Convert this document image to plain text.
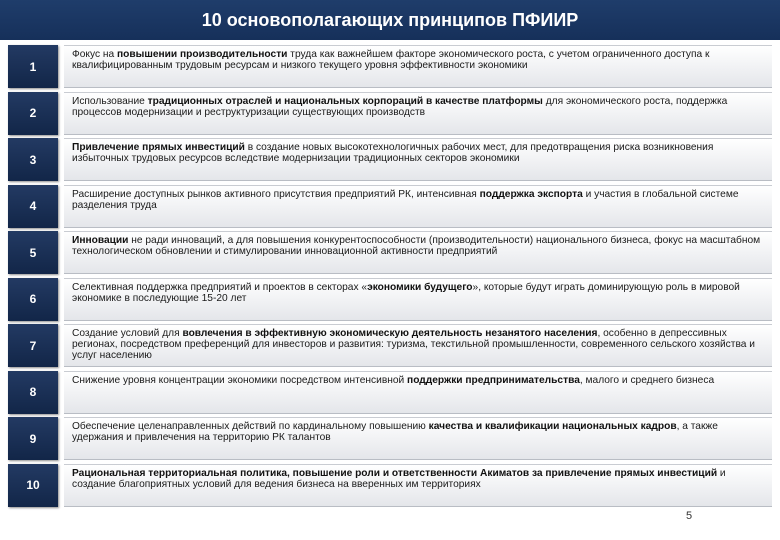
10 основополагающих принципов ПФИИР
1
Фокус на повышении производительности труда как важнейшем факторе экономического роста, с учетом ограниченного доступа к квалифицированным трудовым ресурсам и низкого текущего уровня эффективности экономики
2
Использование традиционных отраслей и национальных корпораций в качестве платформы для экономического роста, поддержка процессов модернизации и реструктуризации существующих производств
3
Привлечение прямых инвестиций в создание новых высокотехнологичных рабочих мест, для предотвращения риска возникновения избыточных трудовых ресурсов вследствие модернизации традиционных секторов экономики
4
Расширение доступных рынков активного присутствия предприятий РК, интенсивная поддержка экспорта и участия в глобальной системе разделения труда
5
Инновации не ради инноваций, а для повышения конкурентоспособности (производительности) национального бизнеса, фокус на масштабном технологическом обновлении и стимулировании инновационной активности предприятий
6
Селективная поддержка предприятий и проектов в секторах «экономики будущего», которые будут играть доминирующую роль в мировой экономике в последующие 15-20 лет
7
Создание условий для вовлечения в эффективную экономическую деятельность незанятого населения, особенно в депрессивных регионах, посредством преференций для инвесторов и развития: туризма, текстильной промышленности, современного сельского хозяйства и услуг населению
8
Снижение уровня концентрации экономики посредством интенсивной поддержки предпринимательства, малого и среднего бизнеса
9
Обеспечение целенаправленных действий по кардинальному повышению качества и квалификации национальных кадров, а также удержания и привлечения на территорию РК талантов
10
Рациональная территориальная политика, повышение роли и ответственности Акиматов за привлечение прямых инвестиций и создание благоприятных условий для ведения бизнеса на вверенных им территориях
5
